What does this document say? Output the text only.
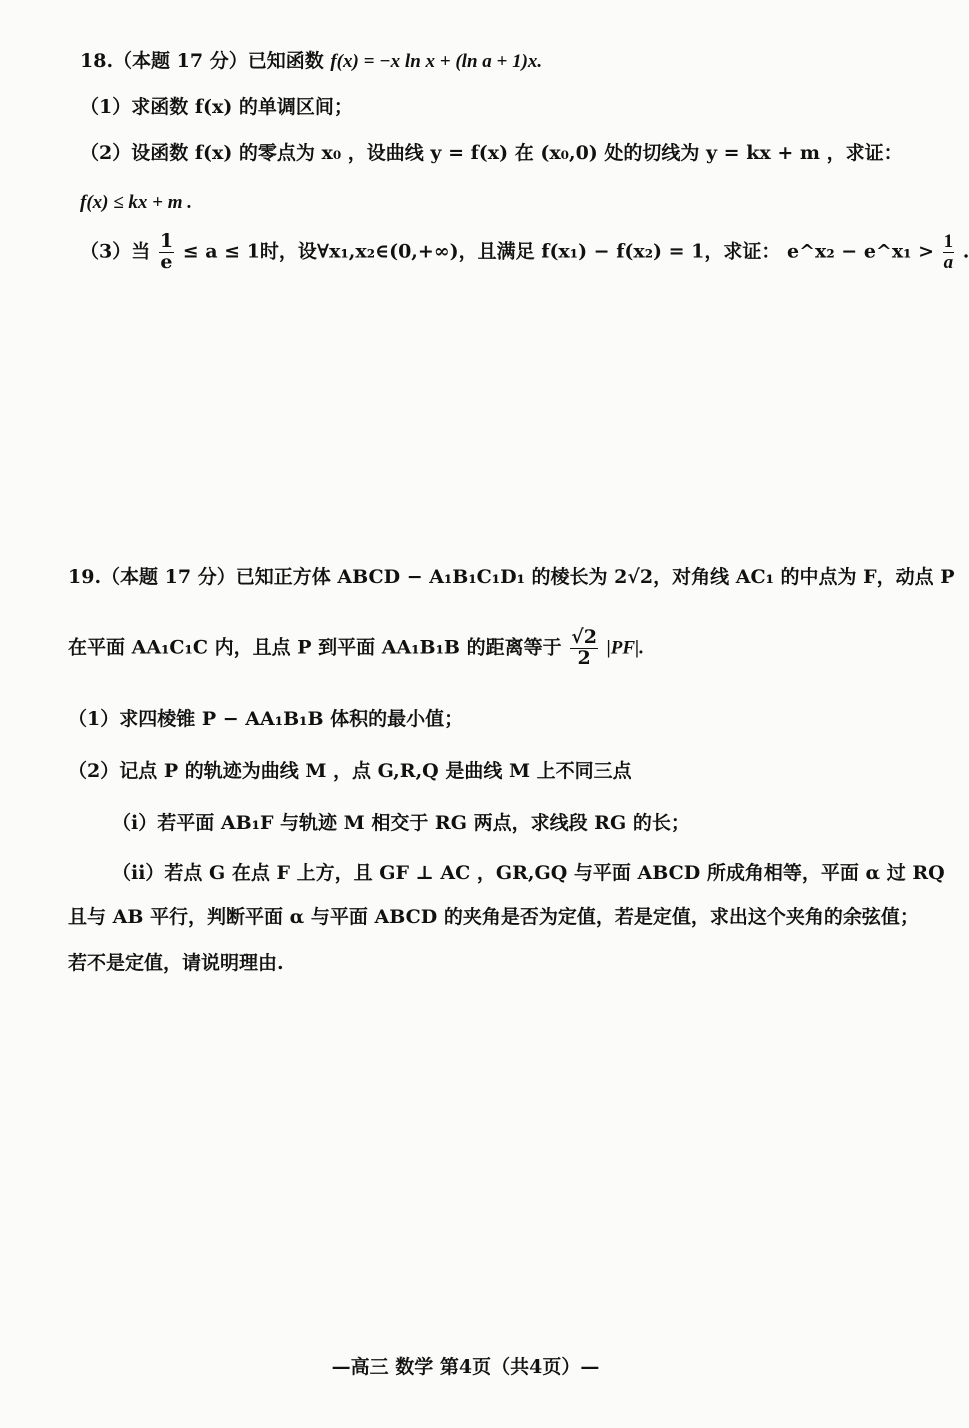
18.（本题 17 分）已知函数 f(x) = −x ln x + (ln a + 1)x.
（1）求函数 f(x) 的单调区间；
（2）设函数 f(x) 的零点为 x₀ ，设曲线 y = f(x) 在 (x₀,0) 处的切线为 y = kx + m ，求证：
f(x) ≤ kx + m .
（3）当 $\frac{1}{e} \le a \le 1$时，设∀x₁,x₂∈(0,+∞)，且满足 f(x₁) − f(x₂) = 1，求证： e^x₂ − e^x₁ > $\frac{1}{a}$ .
19.（本题 17 分）已知正方体 ABCD − A₁B₁C₁D₁ 的棱长为 2√2，对角线 AC₁ 的中点为 F，动点 P
在平面 AA₁C₁C 内，且点 P 到平面 AA₁B₁B 的距离等于 $\frac{√2}{2} |PF|$.
（1）求四棱锥 P − AA₁B₁B 体积的最小值；
（2）记点 P 的轨迹为曲线 M ，点 G,R,Q 是曲线 M 上不同三点
（ⅰ）若平面 AB₁F 与轨迹 M 相交于 RG 两点，求线段 RG 的长；
（ⅱ）若点 G 在点 F 上方，且 GF ⊥ AC ，GR,GQ 与平面 ABCD 所成角相等，平面 α 过 RQ
且与 AB 平行，判断平面 α 与平面 ABCD 的夹角是否为定值，若是定值，求出这个夹角的余弦值；
若不是定值，请说明理由.
—高三 数学 第4页（共4页）—
